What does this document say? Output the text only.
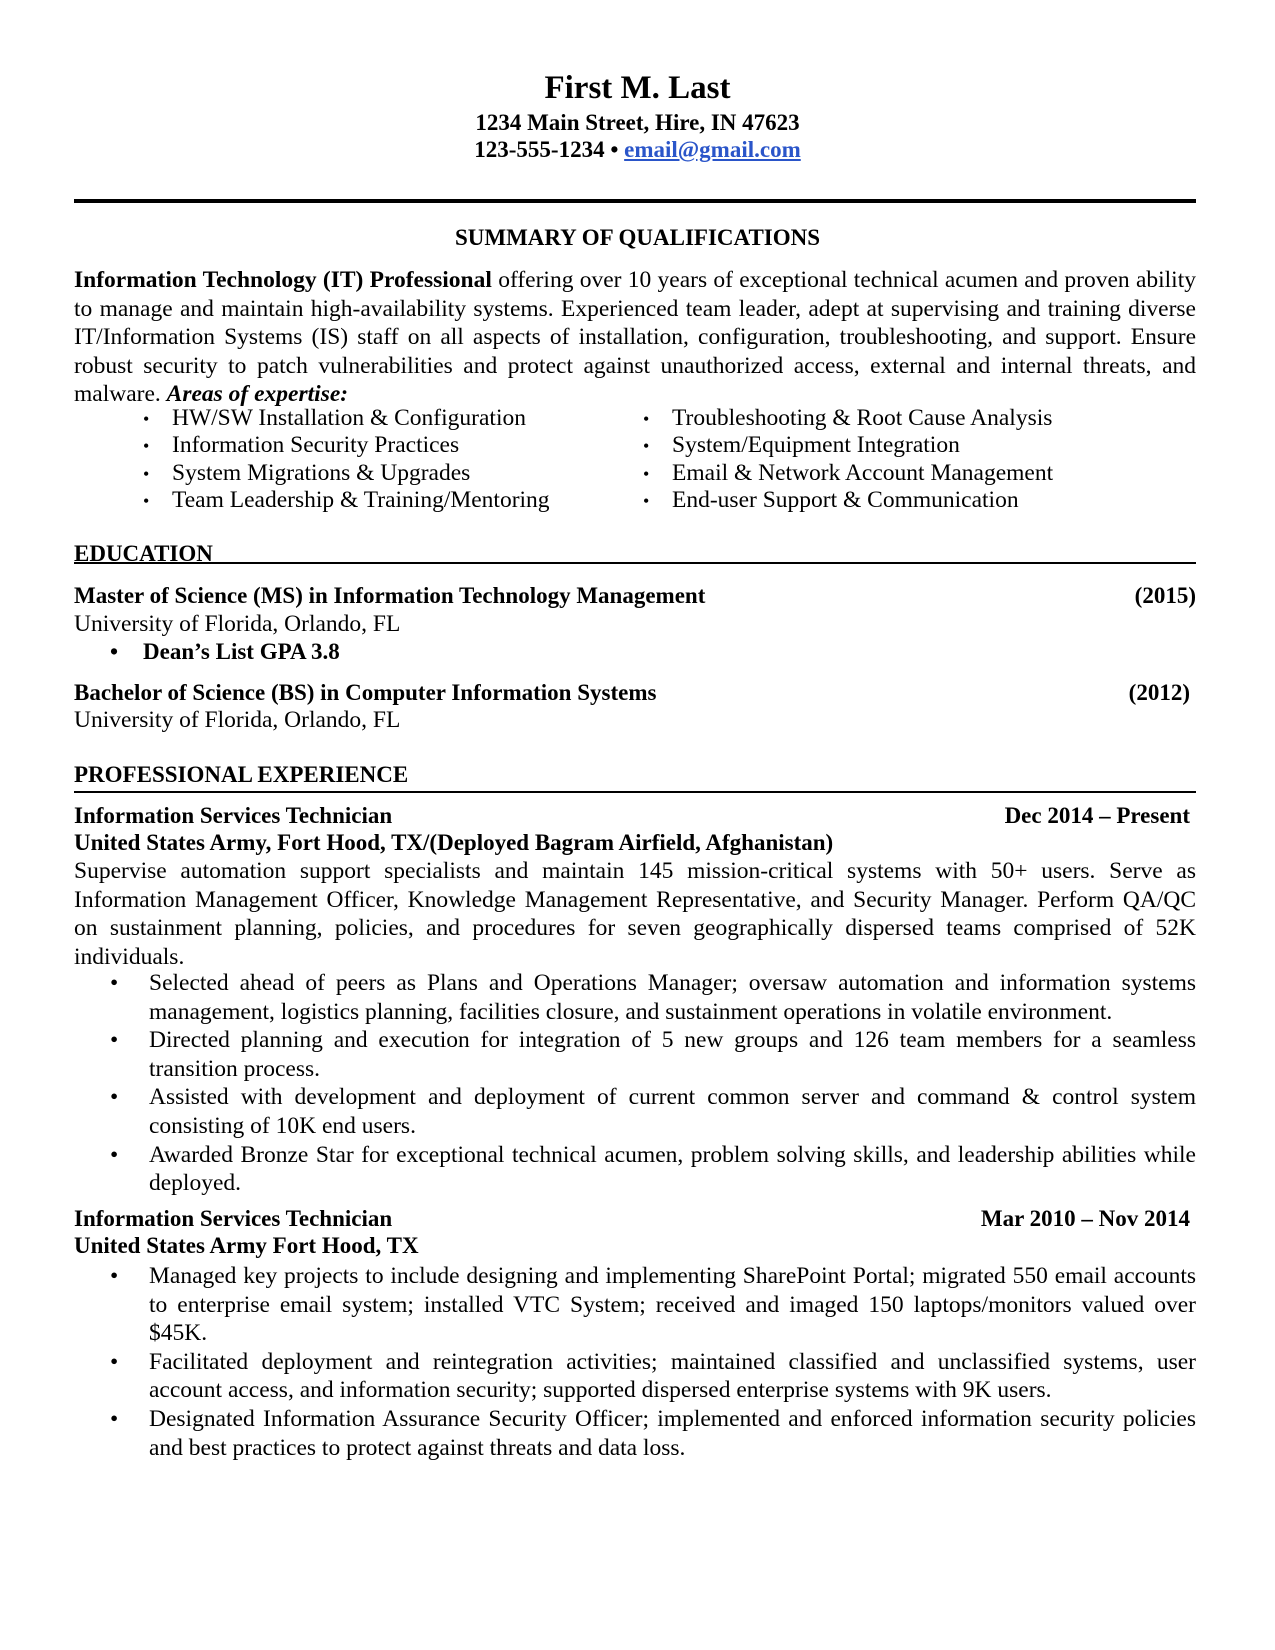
First M. Last
1234 Main Street, Hire, IN 47623
123-555-1234 • email@gmail.com
SUMMARY OF QUALIFICATIONS
Information Technology (IT) Professional offering over 10 years of exceptional technical acumen and proven ability to manage and maintain high-availability systems. Experienced team leader, adept at supervising and training diverse IT/Information Systems (IS) staff on all aspects of installation, configuration, troubleshooting, and support. Ensure robust security to patch vulnerabilities and protect against unauthorized access, external and internal threats, and malware. Areas of expertise:
• HW/SW Installation & Configuration
• Information Security Practices
• System Migrations & Upgrades
• Team Leadership & Training/Mentoring
• Troubleshooting & Root Cause Analysis
• System/Equipment Integration
• Email & Network Account Management
• End-user Support & Communication
EDUCATION
Master of Science (MS) in Information Technology Management	(2015)
University of Florida, Orlando, FL
• Dean’s List GPA 3.8
Bachelor of Science (BS) in Computer Information Systems	(2012)
University of Florida, Orlando, FL
PROFESSIONAL EXPERIENCE
Information Services Technician	Dec 2014 – Present
United States Army, Fort Hood, TX/(Deployed Bagram Airfield, Afghanistan)
Supervise automation support specialists and maintain 145 mission-critical systems with 50+ users. Serve as Information Management Officer, Knowledge Management Representative, and Security Manager. Perform QA/QC on sustainment planning, policies, and procedures for seven geographically dispersed teams comprised of 52K individuals.
• Selected ahead of peers as Plans and Operations Manager; oversaw automation and information systems management, logistics planning, facilities closure, and sustainment operations in volatile environment.
• Directed planning and execution for integration of 5 new groups and 126 team members for a seamless transition process.
• Assisted with development and deployment of current common server and command & control system consisting of 10K end users.
• Awarded Bronze Star for exceptional technical acumen, problem solving skills, and leadership abilities while deployed.
Information Services Technician	Mar 2010 – Nov 2014
United States Army Fort Hood, TX
• Managed key projects to include designing and implementing SharePoint Portal; migrated 550 email accounts to enterprise email system; installed VTC System; received and imaged 150 laptops/monitors valued over $45K.
• Facilitated deployment and reintegration activities; maintained classified and unclassified systems, user account access, and information security; supported dispersed enterprise systems with 9K users.
• Designated Information Assurance Security Officer; implemented and enforced information security policies and best practices to protect against threats and data loss.
